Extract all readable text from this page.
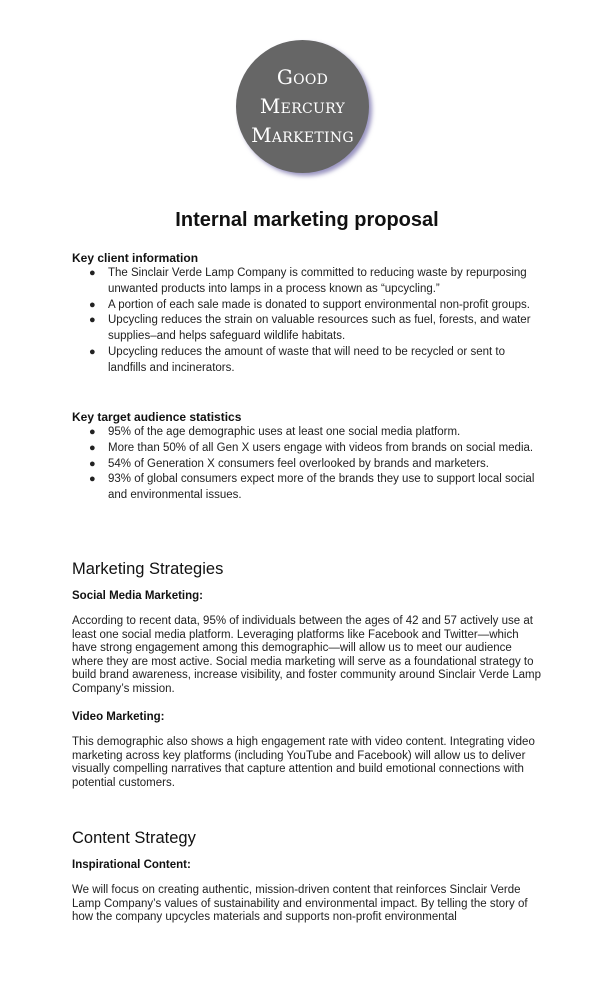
Good
Mercury
Marketing
Internal marketing proposal

Key client information

● The Sinclair Verde Lamp Company is committed to reducing waste by repurposing unwanted products into lamps in a process known as “upcycling.”
● A portion of each sale made is donated to support environmental non-profit groups.
● Upcycling reduces the strain on valuable resources such as fuel, forests, and water supplies–and helps safeguard wildlife habitats.
● Upcycling reduces the amount of waste that will need to be recycled or sent to landfills and incinerators.

Key target audience statistics

● 95% of the age demographic uses at least one social media platform.
● More than 50% of all Gen X users engage with videos from brands on social media.
● 54% of Generation X consumers feel overlooked by brands and marketers.
● 93% of global consumers expect more of the brands they use to support local social and environmental issues.
Marketing Strategies

Social Media Marketing:

According to recent data, 95% of individuals between the ages of 42 and 57 actively use at least one social media platform. Leveraging platforms like Facebook and Twitter—which have strong engagement among this demographic—will allow us to meet our audience where they are most active. Social media marketing will serve as a foundational strategy to build brand awareness, increase visibility, and foster community around Sinclair Verde Lamp Company’s mission.

Video Marketing:

This demographic also shows a high engagement rate with video content. Integrating video marketing across key platforms (including YouTube and Facebook) will allow us to deliver visually compelling narratives that capture attention and build emotional connections with potential customers.

Content Strategy

Inspirational Content:

We will focus on creating authentic, mission-driven content that reinforces Sinclair Verde Lamp Company’s values of sustainability and environmental impact. By telling the story of how the company upcycles materials and supports non-profit environmental
